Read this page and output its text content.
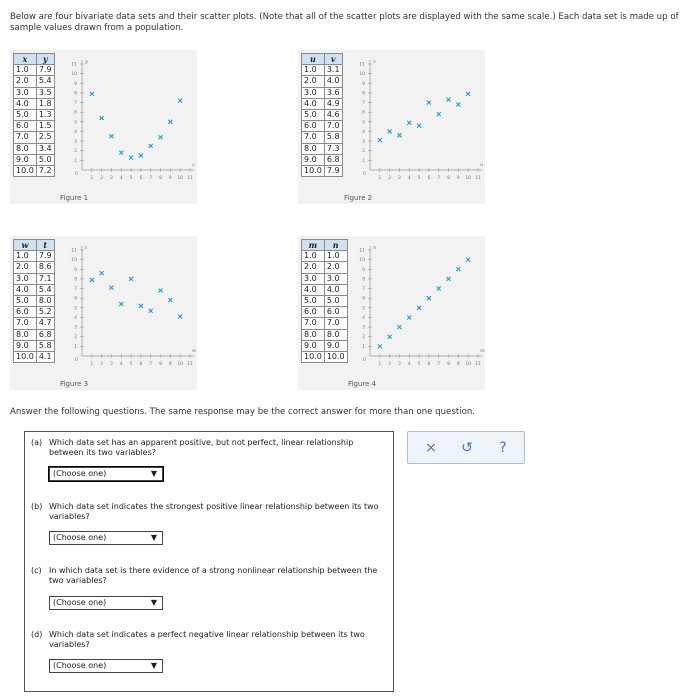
Below are four bivariate data sets and their scatter plots. (Note that all of the scatter plots are displayed with the same scale.) Each data set is made up of sample values drawn from a population.
x	y
1.0	7.9
2.0	5.4
3.0	3.5
4.0	1.8
5.0	1.3
6.0	1.5
7.0	2.5
8.0	3.4
9.0	5.0
10.0	7.2
1 2 3 4 5 6 7 8 9 10 11
1
2
3
4
5
6
7
8
9
10
11
0
x
y
Figure 1
u	v
1.0	3.1
2.0	4.0
3.0	3.6
4.0	4.9
5.0	4.6
6.0	7.0
7.0	5.8
8.0	7.3
9.0	6.8
10.0	7.9
1 2 3 4 5 6 7 8 9 10 11
1
2
3
4
5
6
7
8
9
10
11
0
u
v
Figure 2
w	t
1.0	7.9
2.0	8.6
3.0	7.1
4.0	5.4
5.0	8.0
6.0	5.2
7.0	4.7
8.0	6.8
9.0	5.8
10.0	4.1
1 2 3 4 5 6 7 8 9 10 11
1
2
3
4
5
6
7
8
9
10
11
0
w
t
Figure 3
m	n
1.0	1.0
2.0	2.0
3.0	3.0
4.0	4.0
5.0	5.0
6.0	6.0
7.0	7.0
8.0	8.0
9.0	9.0
10.0	10.0
1 2 3 4 5 6 7 8 9 10 11
1
2
3
4
5
6
7
8
9
10
11
0
m
n
Figure 4
Answer the following questions. The same response may be the correct answer for more than one question.
(a) Which data set has an apparent positive, but not perfect, linear relationship between its two variables?
(Choose one)	▼
(b) Which data set indicates the strongest positive linear relationship between its two variables?
(Choose one)	▼
(c) In which data set is there evidence of a strong nonlinear relationship between the two variables?
(Choose one)	▼
(d) Which data set indicates a perfect negative linear relationship between its two variables?
(Choose one)	▼
×	↺	?
